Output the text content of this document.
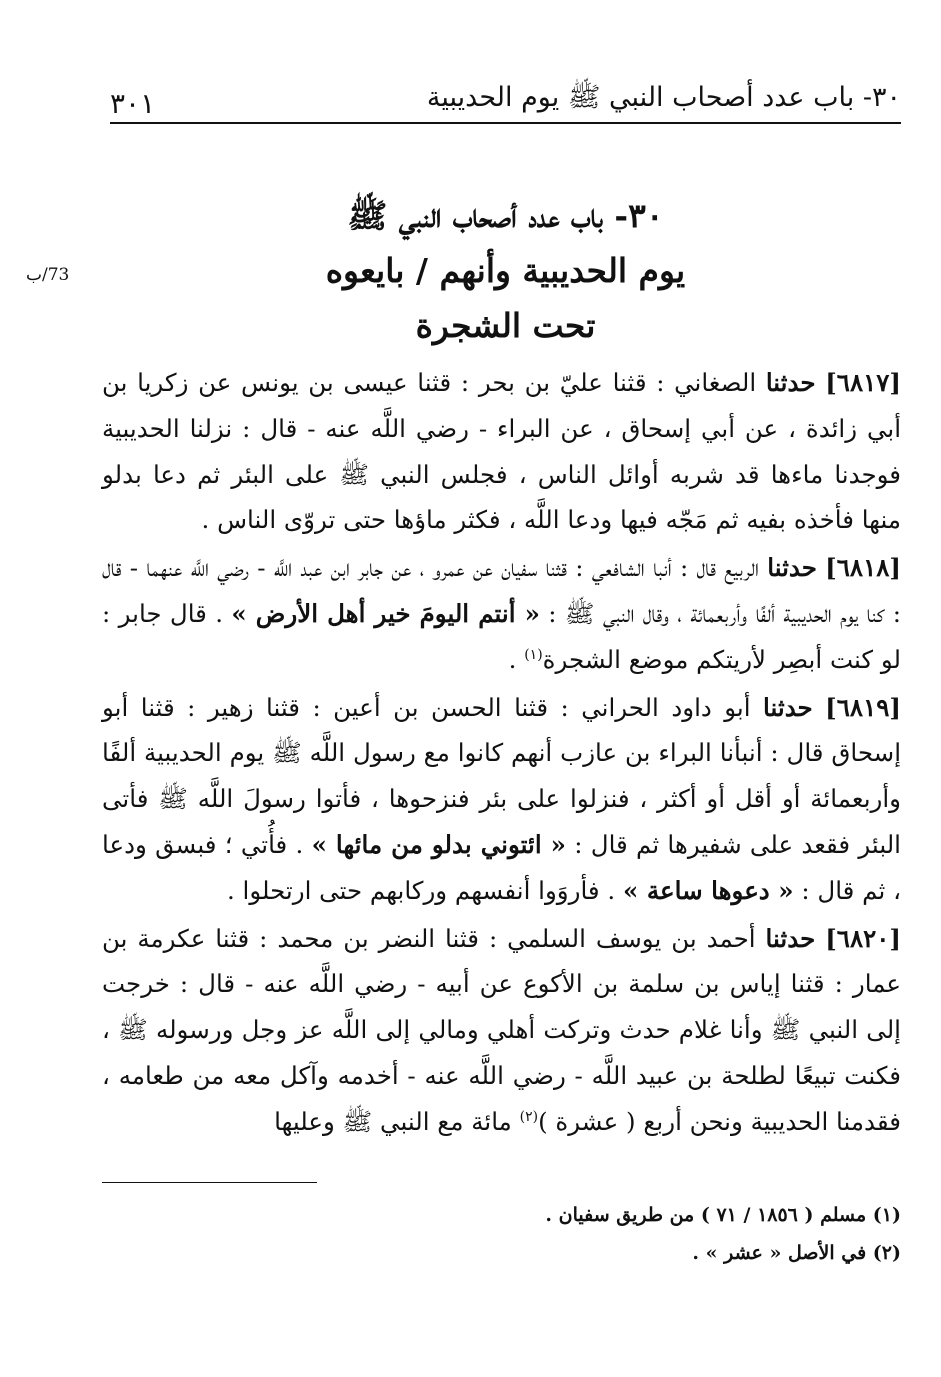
٣٠- باب عدد أصحاب النبي ﷺ يوم الحديبية
٣٠١
٣٠- باب عدد أصحاب النبي ﷺ
يوم الحديبية وأنهم / بايعوه
تحت الشجرة
73/ب

[٦٨١٧] حدثنا الصغاني : قثنا عليّ بن بحر : قثنا عيسى بن يونس عن زكريا بن أبي زائدة ، عن أبي إسحاق ، عن البراء - رضي اللَّه عنه - قال : نزلنا الحديبية فوجدنا ماءها قد شربه أوائل الناس ، فجلس النبي ﷺ على البئر ثم دعا بدلو منها فأخذه بفيه ثم مَجّه فيها ودعا اللَّه ، فكثر ماؤها حتى تروّى الناس .

[٦٨١٨] حدثنا الربيع قال : أنبا الشافعي : قثنا سفيان عن عمرو ، عن جابر ابن عبد اللَّه - رضي اللَّه عنهما - قال : كنا يوم الحديبية ألفًا وأربعمائة ، وقال النبي ﷺ : « أنتم اليومَ خير أهل الأرض » . قال جابر : لو كنت أبصِر لأريتكم موضع الشجرة$^{(١)}$ .

[٦٨١٩] حدثنا أبو داود الحراني : قثنا الحسن بن أعين : قثنا زهير : قثنا أبو إسحاق قال : أنبأنا البراء بن عازب أنهم كانوا مع رسول اللَّه ﷺ يوم الحديبية ألفًا وأربعمائة أو أقل أو أكثر ، فنزلوا على بئر فنزحوها ، فأتوا رسولَ اللَّه ﷺ فأتى البئر فقعد على شفيرها ثم قال : « ائتوني بدلو من مائها » . فأُتي ؛ فبسق ودعا ، ثم قال : « دعوها ساعة » . فأروَوا أنفسهم وركابهم حتى ارتحلوا .

[٦٨٢٠] حدثنا أحمد بن يوسف السلمي : قثنا النضر بن محمد : قثنا عكرمة بن عمار : قثنا إياس بن سلمة بن الأكوع عن أبيه - رضي اللَّه عنه - قال : خرجت إلى النبي ﷺ وأنا غلام حدث وتركت أهلي ومالي إلى اللَّه عز وجل ورسوله ﷺ ، فكنت تبيعًا لطلحة بن عبيد اللَّه - رضي اللَّه عنه - أخدمه وآكل معه من طعامه ، فقدمنا الحديبية ونحن أربع ( عشرة )$^{(٢)}$ مائة مع النبي ﷺ وعليها

(١) مسلم ( ١٨٥٦ / ٧١ ) من طريق سفيان .

(٢) في الأصل « عشر » .
